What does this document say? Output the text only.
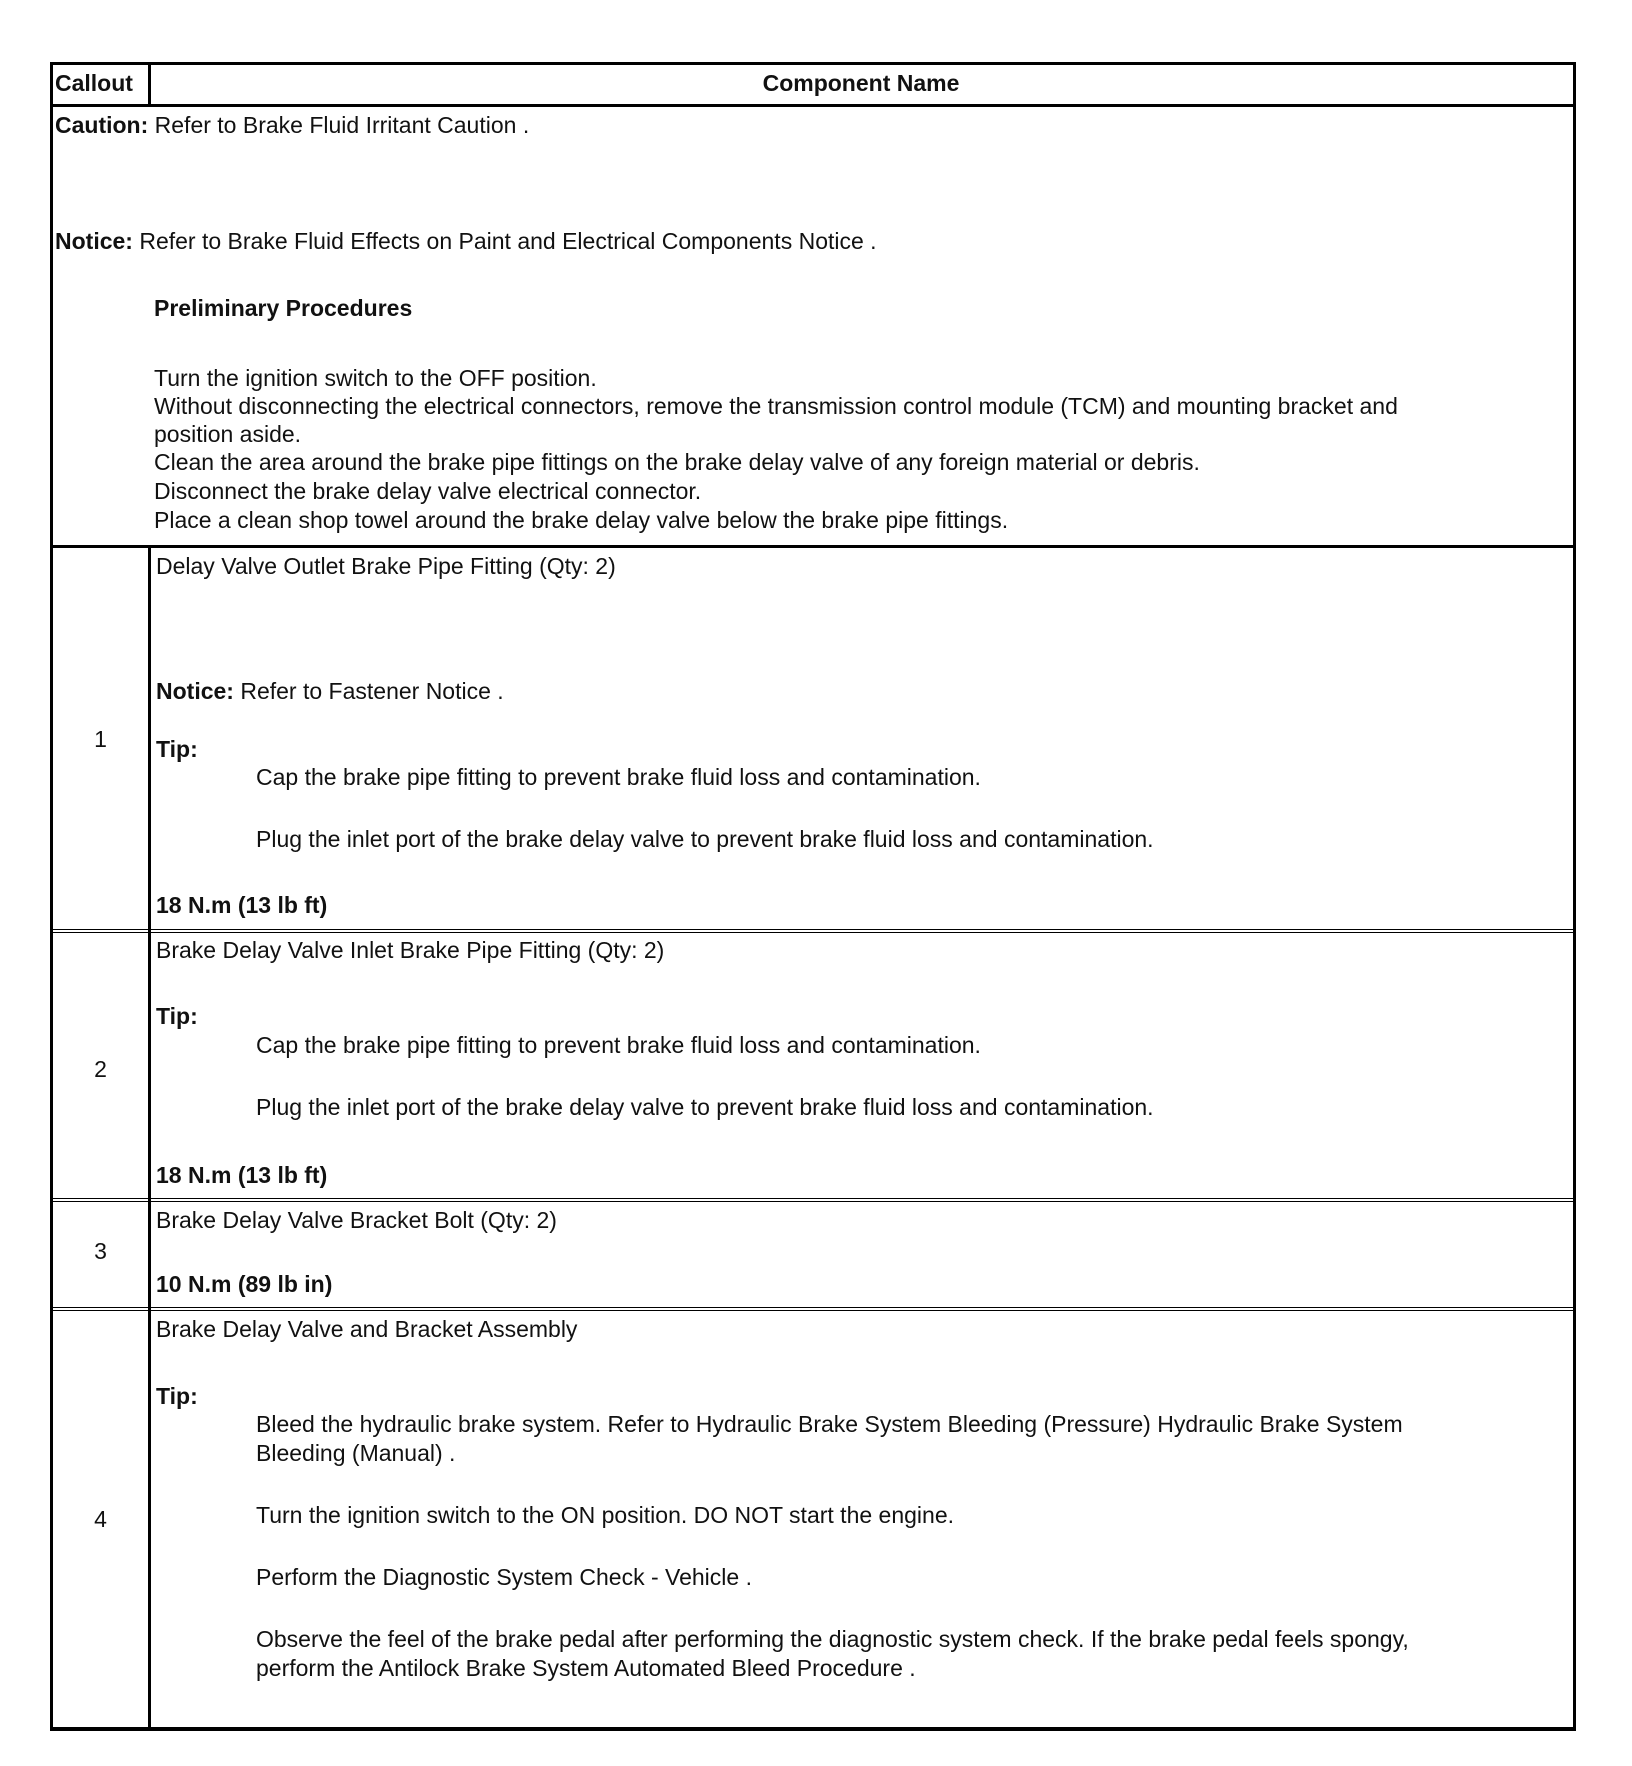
Callout	Component Name
Caution: Refer to Brake Fluid Irritant Caution .
Notice: Refer to Brake Fluid Effects on Paint and Electrical Components Notice .
Preliminary Procedures
Turn the ignition switch to the OFF position.
Without disconnecting the electrical connectors, remove the transmission control module (TCM) and mounting bracket and
position aside.
Clean the area around the brake pipe fittings on the brake delay valve of any foreign material or debris.
Disconnect the brake delay valve electrical connector.
Place a clean shop towel around the brake delay valve below the brake pipe fittings.
1
Delay Valve Outlet Brake Pipe Fitting (Qty: 2)
Notice: Refer to Fastener Notice .
Tip:
Cap the brake pipe fitting to prevent brake fluid loss and contamination.
Plug the inlet port of the brake delay valve to prevent brake fluid loss and contamination.
18 N.m (13 lb ft)
2
Brake Delay Valve Inlet Brake Pipe Fitting (Qty: 2)
Tip:
Cap the brake pipe fitting to prevent brake fluid loss and contamination.
Plug the inlet port of the brake delay valve to prevent brake fluid loss and contamination.
18 N.m (13 lb ft)
3
Brake Delay Valve Bracket Bolt (Qty: 2)
10 N.m (89 lb in)
4
Brake Delay Valve and Bracket Assembly
Tip:
Bleed the hydraulic brake system. Refer to Hydraulic Brake System Bleeding (Pressure) Hydraulic Brake System
Bleeding (Manual) .
Turn the ignition switch to the ON position. DO NOT start the engine.
Perform the Diagnostic System Check - Vehicle .
Observe the feel of the brake pedal after performing the diagnostic system check. If the brake pedal feels spongy,
perform the Antilock Brake System Automated Bleed Procedure .
